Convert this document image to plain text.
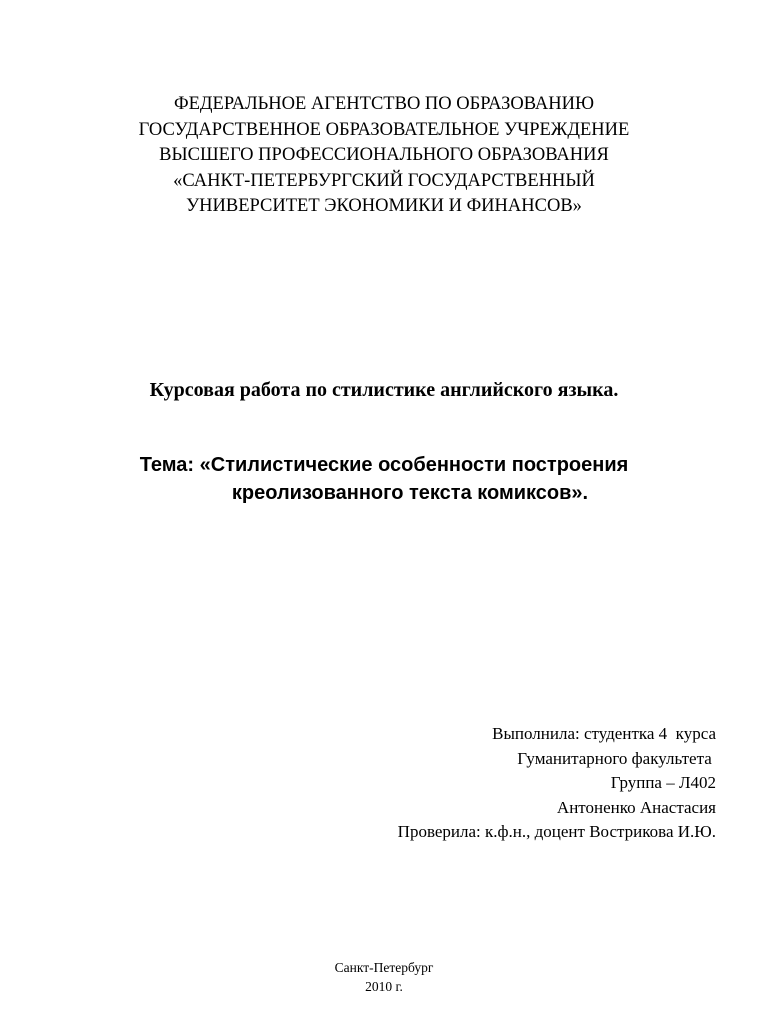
ФЕДЕРАЛЬНОЕ АГЕНТСТВО ПО ОБРАЗОВАНИЮ
ГОСУДАРСТВЕННОЕ ОБРАЗОВАТЕЛЬНОЕ УЧРЕЖДЕНИЕ
ВЫСШЕГО ПРОФЕССИОНАЛЬНОГО ОБРАЗОВАНИЯ
«САНКТ-ПЕТЕРБУРГСКИЙ ГОСУДАРСТВЕННЫЙ
УНИВЕРСИТЕТ ЭКОНОМИКИ И ФИНАНСОВ»
Курсовая работа по стилистике английского языка.
Тема: «Стилистические особенности построения
креолизованного текста комиксов».
Выполнила: студентка 4  курса
Гуманитарного факультета
Группа – Л402
Антоненко Анастасия
Проверила: к.ф.н., доцент Вострикова И.Ю.
Санкт-Петербург
2010 г.
